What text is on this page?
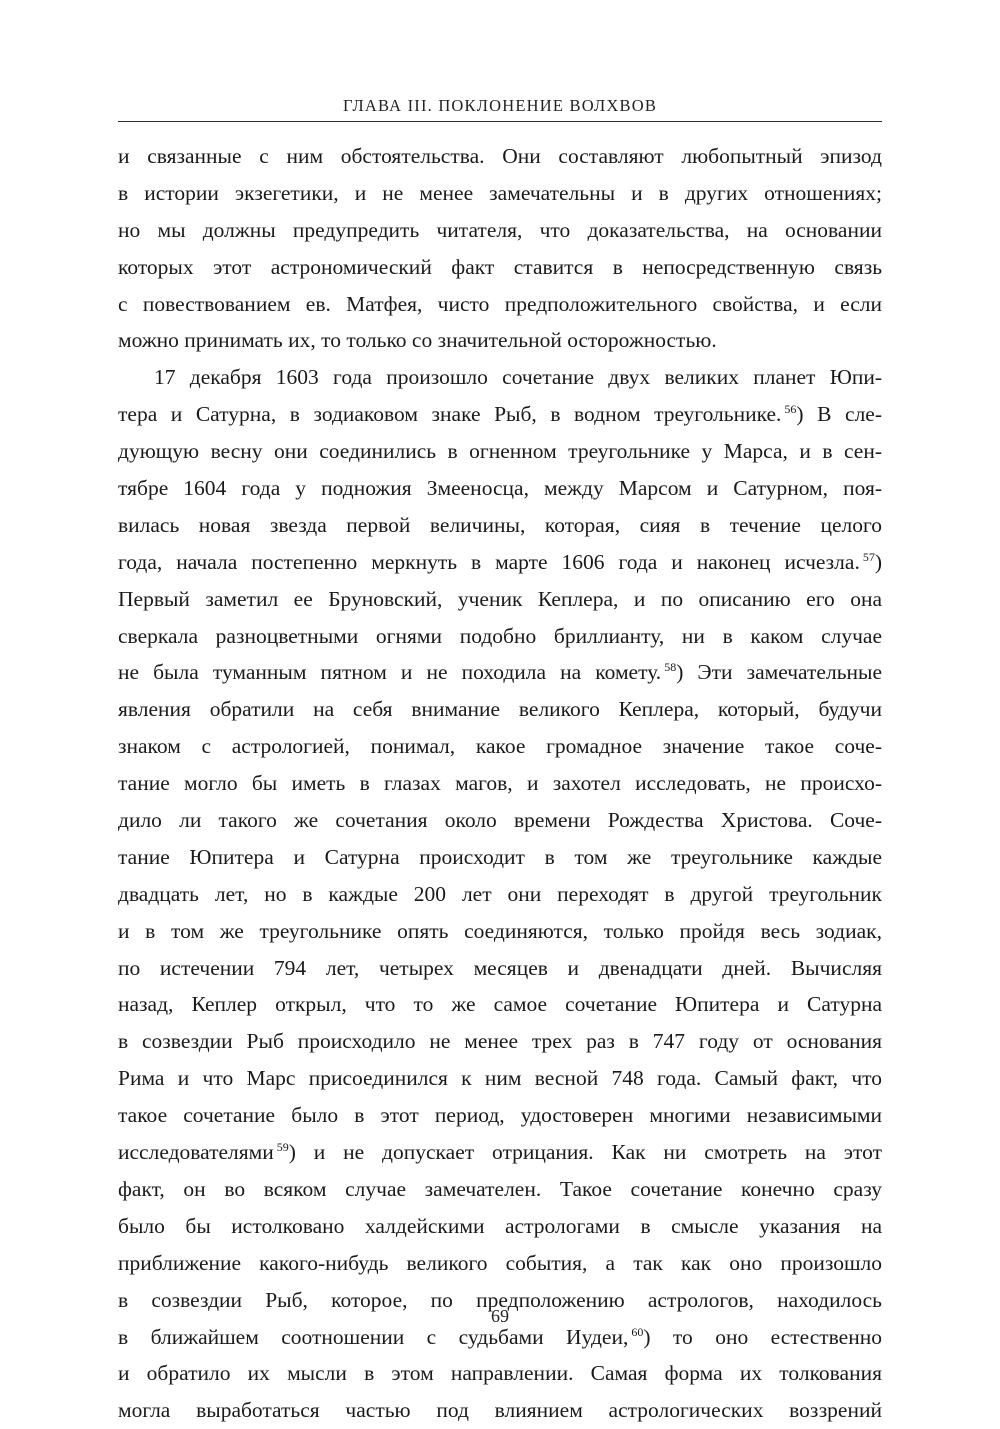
ГЛАВА III. ПОКЛОНЕНИЕ ВОЛХВОВ
и связанные с ним обстоятельства. Они составляют любопытный эпизод
в истории экзегетики, и не менее замечательны и в других отношениях;
но мы должны предупредить читателя, что доказательства, на основании
которых этот астрономический факт ставится в непосредственную связь
с повествованием ев. Матфея, чисто предположительного свойства, и если
можно принимать их, то только со значительной осторожностью.
17 декабря 1603 года произошло сочетание двух великих планет Юпи-
тера и Сатурна, в зодиаковом знаке Рыб, в водном треугольнике. $^{56}$) В сле-
дующую весну они соединились в огненном треугольнике у Марса, и в сен-
тябре 1604 года у подножия Змееносца, между Марсом и Сатурном, поя-
вилась новая звезда первой величины, которая, сияя в течение целого
года, начала постепенно меркнуть в марте 1606 года и наконец исчезла. $^{57}$)
Первый заметил ее Бруновский, ученик Кеплера, и по описанию его она
сверкала разноцветными огнями подобно бриллианту, ни в каком случае
не была туманным пятном и не походила на комету. $^{58}$) Эти замечательные
явления обратили на себя внимание великого Кеплера, который, будучи
знаком с астрологией, понимал, какое громадное значение такое соче-
тание могло бы иметь в глазах магов, и захотел исследовать, не происхо-
дило ли такого же сочетания около времени Рождества Христова. Соче-
тание Юпитера и Сатурна происходит в том же треугольнике каждые
двадцать лет, но в каждые 200 лет они переходят в другой треугольник
и в том же треугольнике опять соединяются, только пройдя весь зодиак,
по истечении 794 лет, четырех месяцев и двенадцати дней. Вычисляя
назад, Кеплер открыл, что то же самое сочетание Юпитера и Сатурна
в созвездии Рыб происходило не менее трех раз в 747 году от основания
Рима и что Марс присоединился к ним весной 748 года. Самый факт, что
такое сочетание было в этот период, удостоверен многими независимыми
исследователями $^{59}$) и не допускает отрицания. Как ни смотреть на этот
факт, он во всяком случае замечателен. Такое сочетание конечно сразу
было бы истолковано халдейскими астрологами в смысле указания на
приближение какого-нибудь великого события, а так как оно произошло
в созвездии Рыб, которое, по предположению астрологов, находилось
в ближайшем соотношении с судьбами Иудеи, $^{60}$) то оно естественно
и обратило их мысли в этом направлении. Самая форма их толкования
могла выработаться частью под влиянием астрологических воззрений
69
